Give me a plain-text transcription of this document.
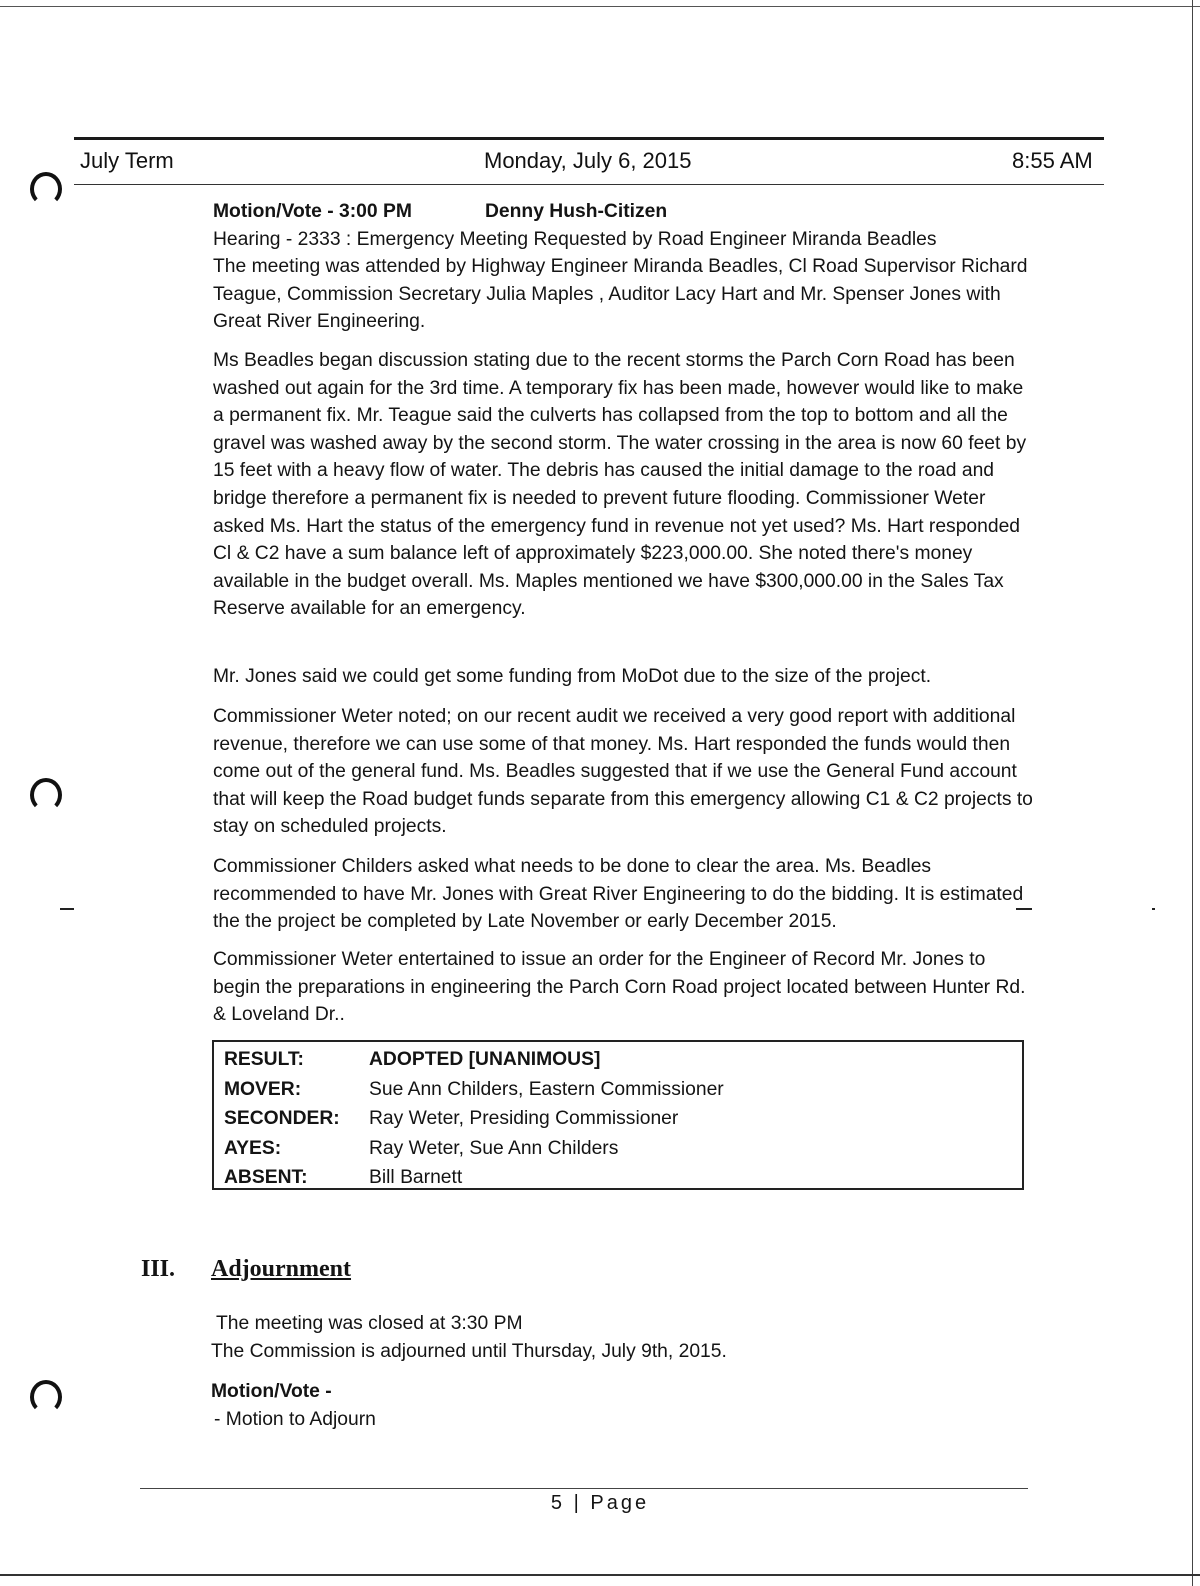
July Term	Monday, July 6, 2015	8:55 AM

Motion/Vote - 3:00 PM	Denny Hush-Citizen

Hearing - 2333 : Emergency Meeting Requested by Road Engineer Miranda Beadles

The meeting was attended by Highway Engineer Miranda Beadles, Cl Road Supervisor Richard Teague, Commission Secretary Julia Maples , Auditor Lacy Hart and Mr. Spenser Jones with Great River Engineering.

Ms Beadles began discussion stating due to the recent storms the Parch Corn Road has been washed out again for the 3rd time. A temporary fix has been made, however would like to make a permanent fix. Mr. Teague said the culverts has collapsed from the top to bottom and all the gravel was washed away by the second storm. The water crossing in the area is now 60 feet by 15 feet with a heavy flow of water. The debris has caused the initial damage to the road and bridge therefore a permanent fix is needed to prevent future flooding. Commissioner Weter asked Ms. Hart the status of the emergency fund in revenue not yet used? Ms. Hart responded Cl & C2 have a sum balance left of approximately $223,000.00. She noted there's money available in the budget overall. Ms. Maples mentioned we have $300,000.00 in the Sales Tax Reserve available for an emergency.
Mr. Jones said we could get some funding from MoDot due to the size of the project.
Commissioner Weter noted; on our recent audit we received a very good report with additional revenue, therefore we can use some of that money. Ms. Hart responded the funds would then come out of the general fund. Ms. Beadles suggested that if we use the General Fund account that will keep the Road budget funds separate from this emergency allowing C1 & C2 projects to stay on scheduled projects.
Commissioner Childers asked what needs to be done to clear the area. Ms. Beadles recommended to have Mr. Jones with Great River Engineering to do the bidding. It is estimated the the project be completed by Late November or early December 2015.
Commissioner Weter entertained to issue an order for the Engineer of Record Mr. Jones to begin the preparations in engineering the Parch Corn Road project located between Hunter Rd. & Loveland Dr..
RESULT:	ADOPTED [UNANIMOUS]
MOVER:	Sue Ann Childers, Eastern Commissioner
SECONDER:	Ray Weter, Presiding Commissioner
AYES:	Ray Weter, Sue Ann Childers
ABSENT:	Bill Barnett
III. Adjournment
The meeting was closed at 3:30 PM
The Commission is adjourned until Thursday, July 9th, 2015.
Motion/Vote -
- Motion to Adjourn
5 | Page
